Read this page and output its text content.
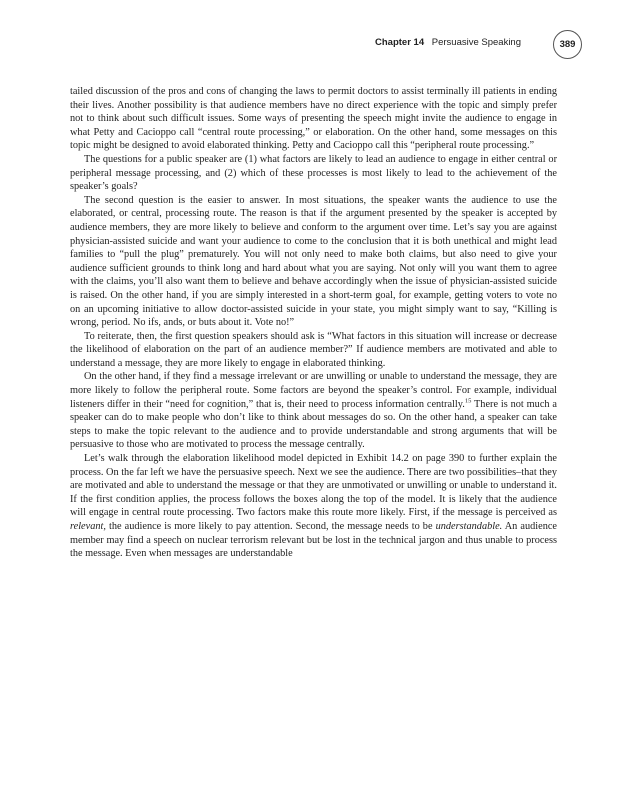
Chapter 14 Persuasive Speaking	389

tailed discussion of the pros and cons of changing the laws to permit doctors to assist terminally ill patients in ending their lives. Another possibility is that audience members have no direct experience with the topic and simply prefer not to think about such difficult issues. Some ways of presenting the speech might invite the audience to engage in what Petty and Cacioppo call “central route processing,” or elaboration. On the other hand, some messages on this topic might be designed to avoid elaborated thinking. Petty and Cacioppo call this “peripheral route processing.”

The questions for a public speaker are (1) what factors are likely to lead an audience to engage in either central or peripheral message processing, and (2) which of these processes is most likely to lead to the achievement of the speaker’s goals?

The second question is the easier to answer. In most situations, the speaker wants the audience to use the elaborated, or central, processing route. The reason is that if the argument presented by the speaker is accepted by audience members, they are more likely to believe and conform to the argument over time. Let’s say you are against physician-assisted suicide and want your audience to come to the conclusion that it is both unethical and might lead families to “pull the plug” prematurely. You will not only need to make both claims, but also need to give your audience sufficient grounds to think long and hard about what you are saying. Not only will you want them to agree with the claims, you’ll also want them to believe and behave accordingly when the issue of physician-assisted suicide is raised. On the other hand, if you are simply interested in a short-term goal, for example, getting voters to vote no on an upcoming initiative to allow doctor-assisted suicide in your state, you might simply want to say, “Killing is wrong, period. No ifs, ands, or buts about it. Vote no!”

To reiterate, then, the first question speakers should ask is “What factors in this situation will increase or decrease the likelihood of elaboration on the part of an audience member?” If audience members are motivated and able to understand a message, they are more likely to engage in elaborated thinking.

On the other hand, if they find a message irrelevant or are unwilling or unable to understand the message, they are more likely to follow the peripheral route. Some factors are beyond the speaker’s control. For example, individual listeners differ in their “need for cognition,” that is, their need to process information centrally.$^{15}$ There is not much a speaker can do to make people who don’t like to think about messages do so. On the other hand, a speaker can take steps to make the topic relevant to the audience and to provide understandable and strong arguments that will be persuasive to those who are motivated to process the message centrally.

Let’s walk through the elaboration likelihood model depicted in Exhibit 14.2 on page 390 to further explain the process. On the far left we have the persuasive speech. Next we see the audience. There are two possibilities–that they are motivated and able to understand the message or that they are unmotivated or unwilling or unable to understand it. If the first condition applies, the process follows the boxes along the top of the model. It is likely that the audience will engage in central route processing. Two factors make this route more likely. First, if the message is perceived as relevant, the audience is more likely to pay attention. Second, the message needs to be understandable. An audience member may find a speech on nuclear terrorism relevant but be lost in the technical jargon and thus unable to process the message. Even when messages are understandable
